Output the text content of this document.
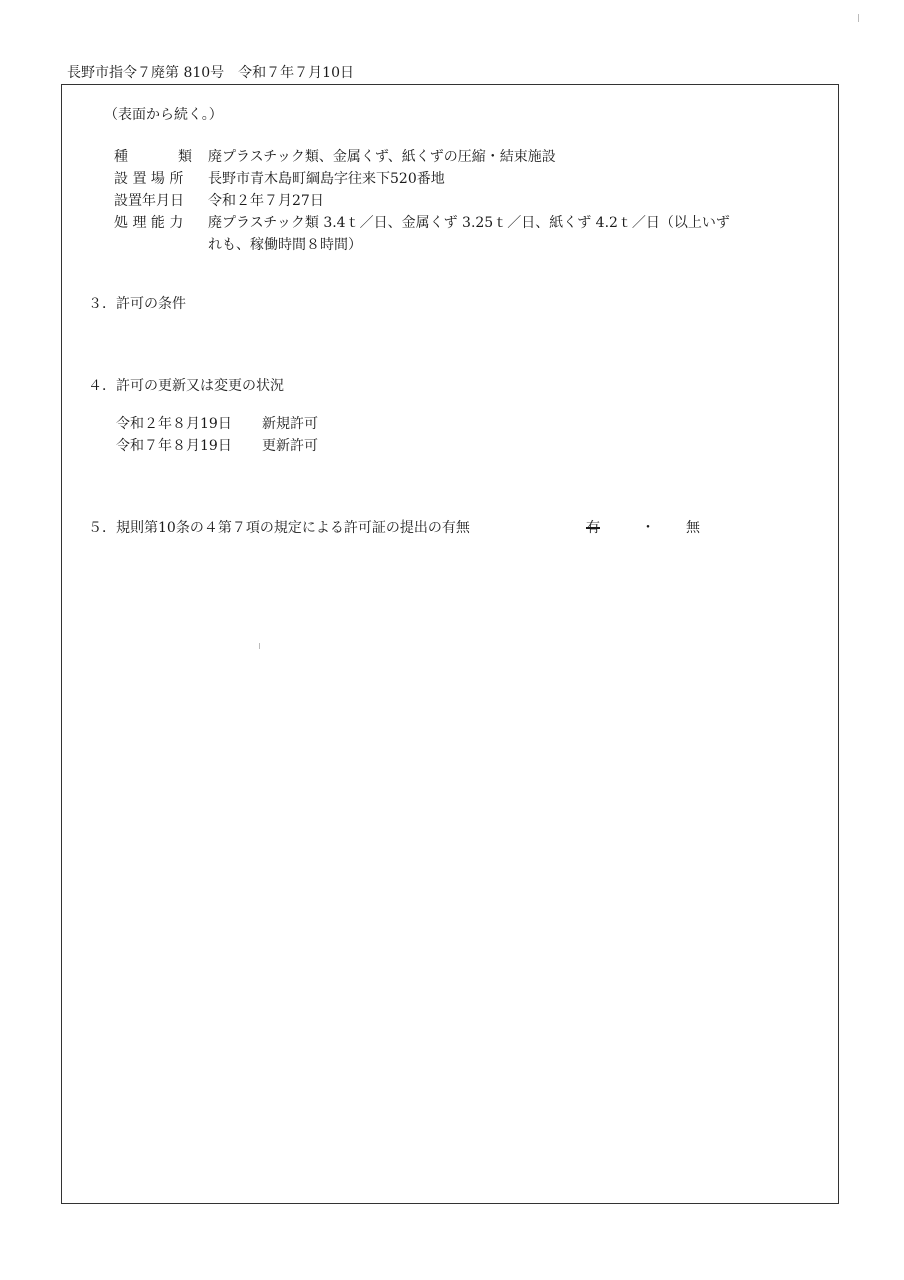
長野市指令７廃第 810号　令和７年７月10日
（表面から続く。）
種	類 廃プラスチック類、金属くず、紙くずの圧縮・結束施設
設 置 場 所 長野市青木島町綱島字往来下520番地
設置年月日 令和２年７月27日
処 理 能 力 廃プラスチック類 3.4ｔ／日、金属くず 3.25ｔ／日、紙くず 4.2ｔ／日（以上いず
れも、稼働時間８時間）
３．許可の条件
４．許可の更新又は変更の状況
令和２年８月19日 新規許可
令和７年８月19日 更新許可
５．規則第10条の４第７項の規定による許可証の提出の有無	有	・ 無
